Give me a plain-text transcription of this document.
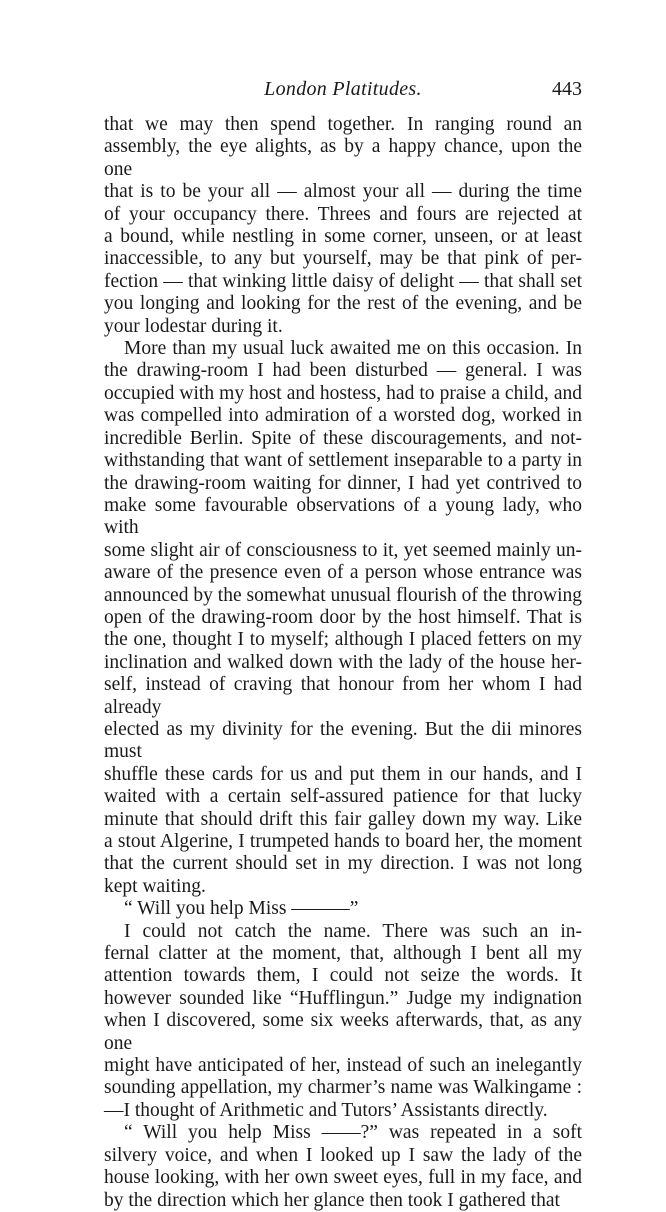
London Platitudes.	443
that we may then spend together. In ranging round an
assembly, the eye alights, as by a happy chance, upon the one
that is to be your all — almost your all — during the time
of your occupancy there. Threes and fours are rejected at
a bound, while nestling in some corner, unseen, or at least
inaccessible, to any but yourself, may be that pink of per-
fection — that winking little daisy of delight — that shall set
you longing and looking for the rest of the evening, and be
your lodestar during it.
More than my usual luck awaited me on this occasion. In
the drawing-room I had been disturbed — general. I was
occupied with my host and hostess, had to praise a child, and
was compelled into admiration of a worsted dog, worked in
incredible Berlin. Spite of these discouragements, and not-
withstanding that want of settlement inseparable to a party in
the drawing-room waiting for dinner, I had yet contrived to
make some favourable observations of a young lady, who with
some slight air of consciousness to it, yet seemed mainly un-
aware of the presence even of a person whose entrance was
announced by the somewhat unusual flourish of the throwing
open of the drawing-room door by the host himself. That is
the one, thought I to myself; although I placed fetters on my
inclination and walked down with the lady of the house her-
self, instead of craving that honour from her whom I had already
elected as my divinity for the evening. But the dii minores must
shuffle these cards for us and put them in our hands, and I
waited with a certain self-assured patience for that lucky
minute that should drift this fair galley down my way. Like
a stout Algerine, I trumpeted hands to board her, the moment
that the current should set in my direction. I was not long
kept waiting.
“ Will you help Miss ———”
I could not catch the name. There was such an in-
fernal clatter at the moment, that, although I bent all my
attention towards them, I could not seize the words. It
however sounded like “Hufflingun.” Judge my indignation
when I discovered, some six weeks afterwards, that, as any one
might have anticipated of her, instead of such an inelegantly
sounding appellation, my charmer’s name was Walkingame :
—I thought of Arithmetic and Tutors’ Assistants directly.
“ Will you help Miss ——?” was repeated in a soft
silvery voice, and when I looked up I saw the lady of the
house looking, with her own sweet eyes, full in my face, and
by the direction which her glance then took I gathered that
